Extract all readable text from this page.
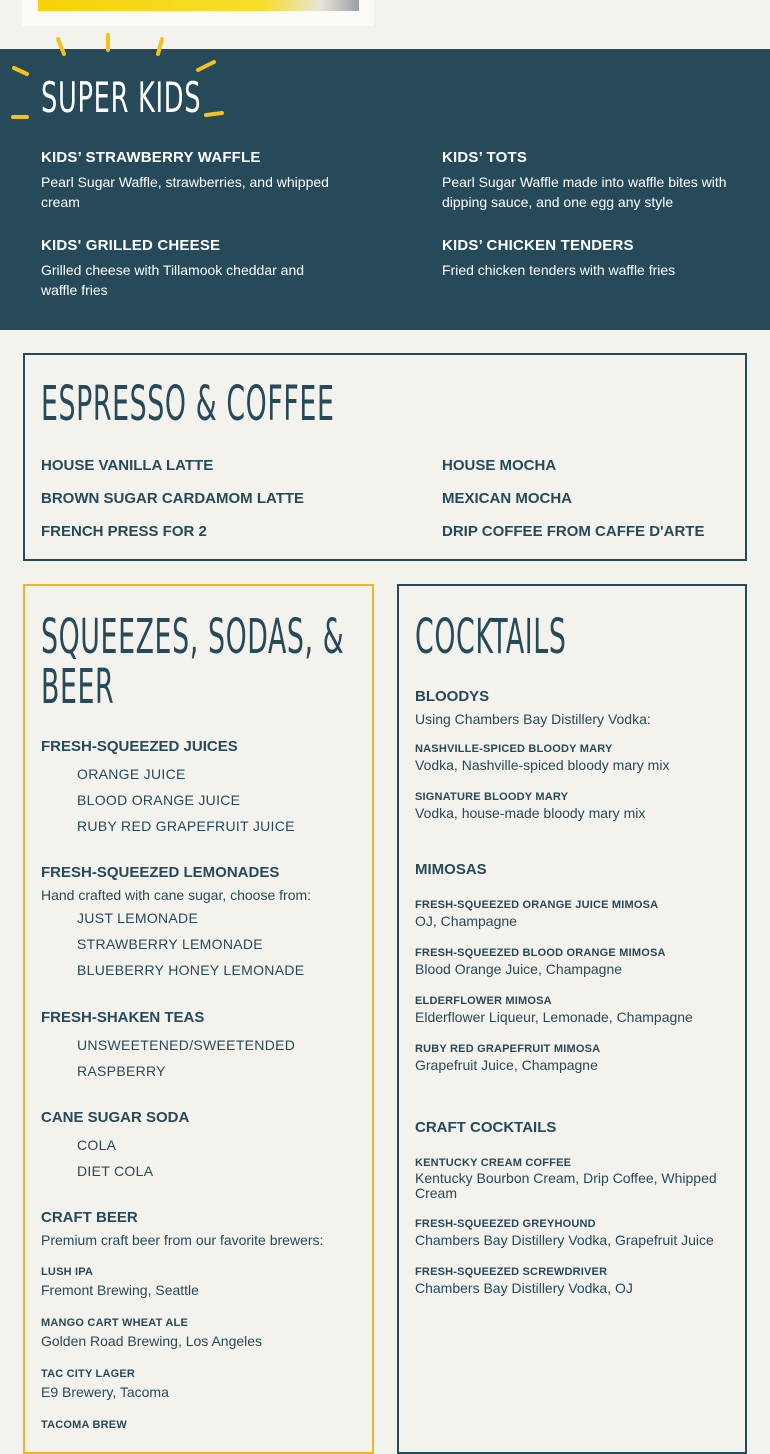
SUPER KIDS
KIDS’ STRAWBERRY WAFFLE
Pearl Sugar Waffle, strawberries, and whipped cream
KIDS’ TOTS
Pearl Sugar Waffle made into waffle bites with dipping sauce, and one egg any style
KIDS' GRILLED CHEESE
Grilled cheese with Tillamook cheddar and waffle fries
KIDS’ CHICKEN TENDERS
Fried chicken tenders with waffle fries
ESPRESSO & COFFEE
HOUSE VANILLA LATTE	HOUSE MOCHA
BROWN SUGAR CARDAMOM LATTE	MEXICAN MOCHA
FRENCH PRESS FOR 2	DRIP COFFEE FROM CAFFE D'ARTE
SQUEEZES, SODAS, &
BEER
FRESH-SQUEEZED JUICES
ORANGE JUICE
BLOOD ORANGE JUICE
RUBY RED GRAPEFRUIT JUICE
FRESH-SQUEEZED LEMONADES
Hand crafted with cane sugar, choose from:
JUST LEMONADE
STRAWBERRY LEMONADE
BLUEBERRY HONEY LEMONADE
FRESH-SHAKEN TEAS
UNSWEETENED/SWEETENDED
RASPBERRY
CANE SUGAR SODA
COLA
DIET COLA
CRAFT BEER
Premium craft beer from our favorite brewers:
LUSH IPA
Fremont Brewing, Seattle
MANGO CART WHEAT ALE
Golden Road Brewing, Los Angeles
TAC CITY LAGER
E9 Brewery, Tacoma
TACOMA BREW
COCKTAILS
BLOODYS
Using Chambers Bay Distillery Vodka:
NASHVILLE-SPICED BLOODY MARY
Vodka, Nashville-spiced bloody mary mix
SIGNATURE BLOODY MARY
Vodka, house-made bloody mary mix
MIMOSAS
FRESH-SQUEEZED ORANGE JUICE MIMOSA
OJ, Champagne
FRESH-SQUEEZED BLOOD ORANGE MIMOSA
Blood Orange Juice, Champagne
ELDERFLOWER MIMOSA
Elderflower Liqueur, Lemonade, Champagne
RUBY RED GRAPEFRUIT MIMOSA
Grapefruit Juice, Champagne
CRAFT COCKTAILS
KENTUCKY CREAM COFFEE
Kentucky Bourbon Cream, Drip Coffee, Whipped Cream
FRESH-SQUEEZED GREYHOUND
Chambers Bay Distillery Vodka, Grapefruit Juice
FRESH-SQUEEZED SCREWDRIVER
Chambers Bay Distillery Vodka, OJ
